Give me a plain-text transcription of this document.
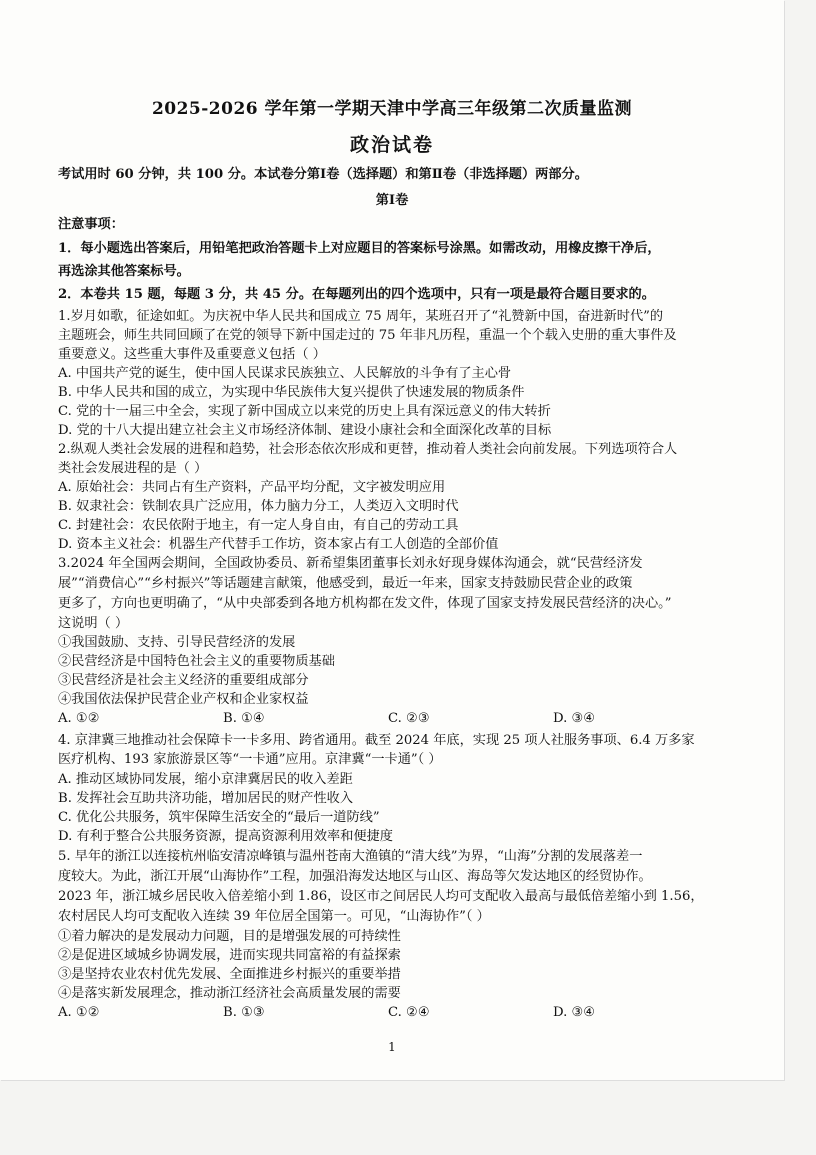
2025-2026 学年第一学期天津中学高三年级第二次质量监测
政治试卷
考试用时 60 分钟，共 100 分。本试卷分第Ⅰ卷（选择题）和第Ⅱ卷（非选择题）两部分。
第Ⅰ卷
注意事项：
1．每小题选出答案后，用铅笔把政治答题卡上对应题目的答案标号涂黑。如需改动，用橡皮擦干净后，
再选涂其他答案标号。
2．本卷共 15 题，每题 3 分，共 45 分。在每题列出的四个选项中，只有一项是最符合题目要求的。
1.岁月如歌，征途如虹。为庆祝中华人民共和国成立 75 周年，某班召开了“礼赞新中国，奋进新时代”的
主题班会，师生共同回顾了在党的领导下新中国走过的 75 年非凡历程，重温一个个载入史册的重大事件及
重要意义。这些重大事件及重要意义包括（ ）
A. 中国共产党的诞生，使中国人民谋求民族独立、人民解放的斗争有了主心骨
B. 中华人民共和国的成立，为实现中华民族伟大复兴提供了快速发展的物质条件
C. 党的十一届三中全会，实现了新中国成立以来党的历史上具有深远意义的伟大转折
D. 党的十八大提出建立社会主义市场经济体制、建设小康社会和全面深化改革的目标
2.纵观人类社会发展的进程和趋势，社会形态依次形成和更替，推动着人类社会向前发展。下列选项符合人
类社会发展进程的是（ ）
A. 原始社会：共同占有生产资料，产品平均分配，文字被发明应用
B. 奴隶社会：铁制农具广泛应用，体力脑力分工，人类迈入文明时代
C. 封建社会：农民依附于地主，有一定人身自由，有自己的劳动工具
D. 资本主义社会：机器生产代替手工作坊，资本家占有工人创造的全部价值
3.2024 年全国两会期间，全国政协委员、新希望集团董事长刘永好现身媒体沟通会，就“民营经济发
展”“消费信心”“乡村振兴”等话题建言献策，他感受到，最近一年来，国家支持鼓励民营企业的政策
更多了，方向也更明确了，“从中央部委到各地方机构都在发文件，体现了国家支持发展民营经济的决心。”
这说明（ ）
①我国鼓励、支持、引导民营经济的发展
②民营经济是中国特色社会主义的重要物质基础
③民营经济是社会主义经济的重要组成部分
④我国依法保护民营企业产权和企业家权益
A. ①②	B. ①④	C. ②③	D. ③④
4. 京津冀三地推动社会保障卡一卡多用、跨省通用。截至 2024 年底，实现 25 项人社服务事项、6.4 万多家
医疗机构、193 家旅游景区等“一卡通”应用。京津冀“一卡通”（ ）
A. 推动区域协同发展，缩小京津冀居民的收入差距
B. 发挥社会互助共济功能，增加居民的财产性收入
C. 优化公共服务，筑牢保障生活安全的“最后一道防线”
D. 有利于整合公共服务资源，提高资源利用效率和便捷度
5. 早年的浙江以连接杭州临安清凉峰镇与温州苍南大渔镇的“清大线”为界，“山海”分割的发展落差一
度较大。为此，浙江开展“山海协作”工程，加强沿海发达地区与山区、海岛等欠发达地区的经贸协作。
2023 年，浙江城乡居民收入倍差缩小到 1.86，设区市之间居民人均可支配收入最高与最低倍差缩小到 1.56，
农村居民人均可支配收入连续 39 年位居全国第一。可见，“山海协作”（ ）
①着力解决的是发展动力问题，目的是增强发展的可持续性
②是促进区域城乡协调发展，进而实现共同富裕的有益探索
③是坚持农业农村优先发展、全面推进乡村振兴的重要举措
④是落实新发展理念，推动浙江经济社会高质量发展的需要
A. ①②	B. ①③	C. ②④	D. ③④
1
